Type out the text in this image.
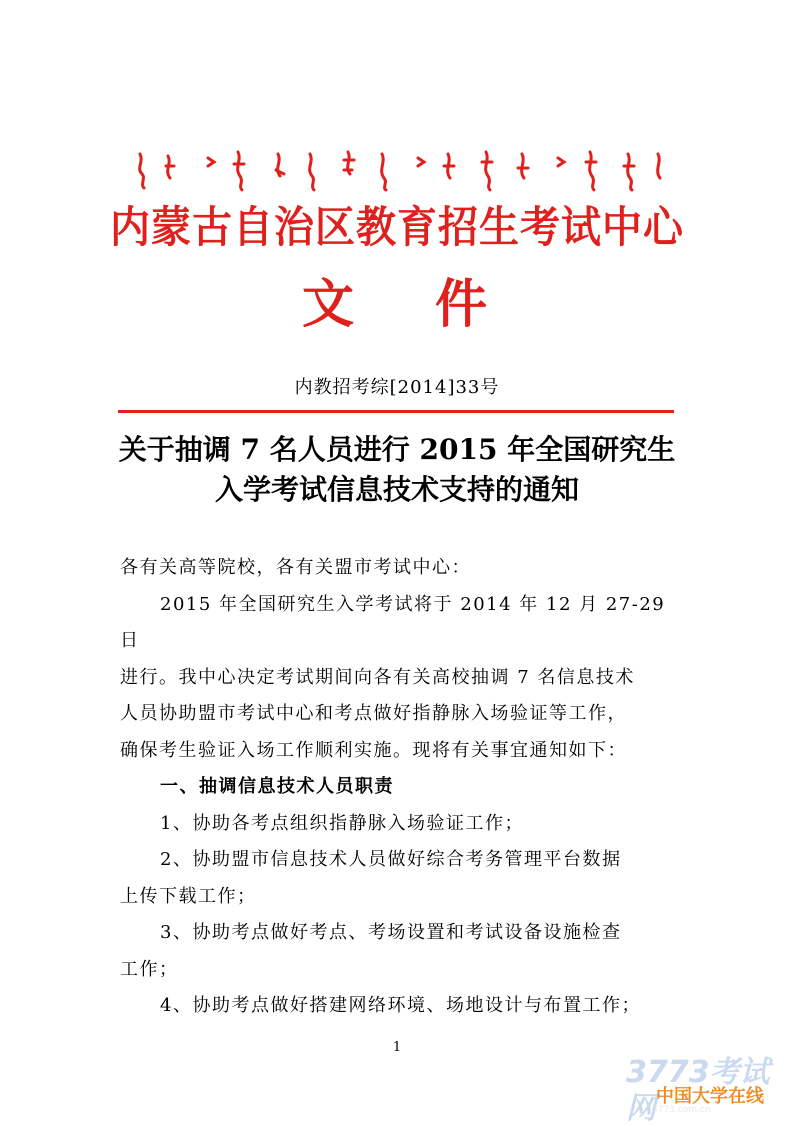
内蒙古自治区教育招生考试中心
文 件
内教招考综[2014]33号
关于抽调 7 名人员进行 2015 年全国研究生
入学考试信息技术支持的通知

各有关高等院校，各有关盟市考试中心：

2015 年全国研究生入学考试将于 2014 年 12 月 27-29 日

进行。我中心决定考试期间向各有关高校抽调 7 名信息技术

人员协助盟市考试中心和考点做好指静脉入场验证等工作，

确保考生验证入场工作顺利实施。现将有关事宜通知如下：

一、抽调信息技术人员职责

1、协助各考点组织指静脉入场验证工作；

2、协助盟市信息技术人员做好综合考务管理平台数据

上传下载工作；

3、协助考点做好考点、考场设置和考试设备设施检查

工作；

4、协助考点做好搭建网络环境、场地设计与布置工作；

1
3773考试网 中国大学在线
3773.com.cn
